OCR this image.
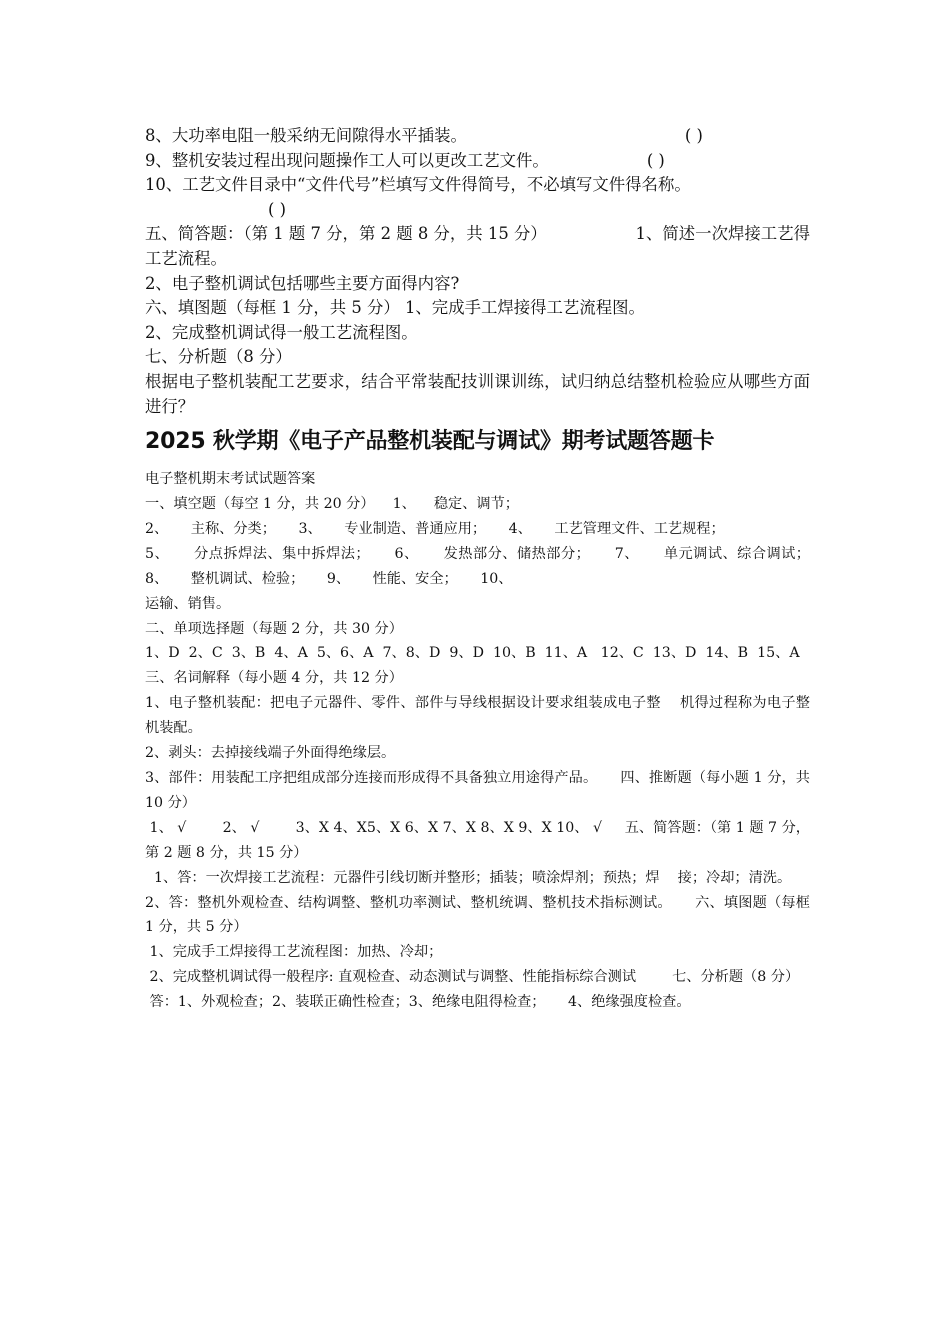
8、大功率电阻一般采纳无间隙得水平插装。	( )
9、整机安装过程出现问题操作工人可以更改工艺文件。	( )
10、工艺文件目录中“文件代号”栏填写文件得简号，不必填写文件得名称。
( )
五、简答题：（第 1 题 7 分，第 2 题 8 分，共 15 分）                 1、简述一次焊接工艺得工艺流程。
2、电子整机调试包括哪些主要方面得内容?
六、填图题（每框 1 分，共 5 分） 1、完成手工焊接得工艺流程图。
2、完成整机调试得一般工艺流程图。
七、分析题（8 分）
根据电子整机装配工艺要求，结合平常装配技训课训练，试归纳总结整机检验应从哪些方面进行？
2025 秋学期《电子产品整机装配与调试》期考试题答题卡
电子整机期末考试试题答案
一、填空题（每空 1 分，共 20 分）    1、    稳定、调节；
2、     主称、分类；     3、     专业制造、普通应用；     4、     工艺管理文件、工艺规程；
5、     分点拆焊法、集中拆焊法；     6、     发热部分、储热部分；     7、     单元调试、综合调试；     8、     整机调试、检验；     9、     性能、安全；     10、
运输、销售。
二、单项选择题（每题 2 分，共 30 分）
1、D  2、C  3、B  4、A  5、6、A  7、8、D  9、D  10、B  11、A   12、C  13、D  14、B  15、A
三、名词解释（每小题 4 分，共 12 分）
1、电子整机装配：把电子元器件、零件、部件与导线根据设计要求组装成电子整    机得过程称为电子整机装配。
2、剥头：去掉接线端子外面得绝缘层。
3、部件：用装配工序把组成部分连接而形成得不具备独立用途得产品。     四、推断题（每小题 1 分，共 10 分）
1、 √        2、 √        3、X 4、X5、X 6、X 7、X 8、X 9、X 10、 √     五、简答题：（第 1 题 7 分，第 2 题 8 分，共 15 分）
1、答：一次焊接工艺流程：元器件引线切断并整形；插装；喷涂焊剂；预热；焊    接；冷却；清洗。
2、答：整机外观检查、结构调整、整机功率测试、整机统调、整机技术指标测试。     六、填图题（每框 1 分，共 5 分）
1、完成手工焊接得工艺流程图：加热、冷却；
2、完成整机调试得一般程序: 直观检查、动态测试与调整、性能指标综合测试        七、分析题（8 分）
答：1、外观检查；2、装联正确性检查；3、绝缘电阻得检查；     4、绝缘强度检查。
